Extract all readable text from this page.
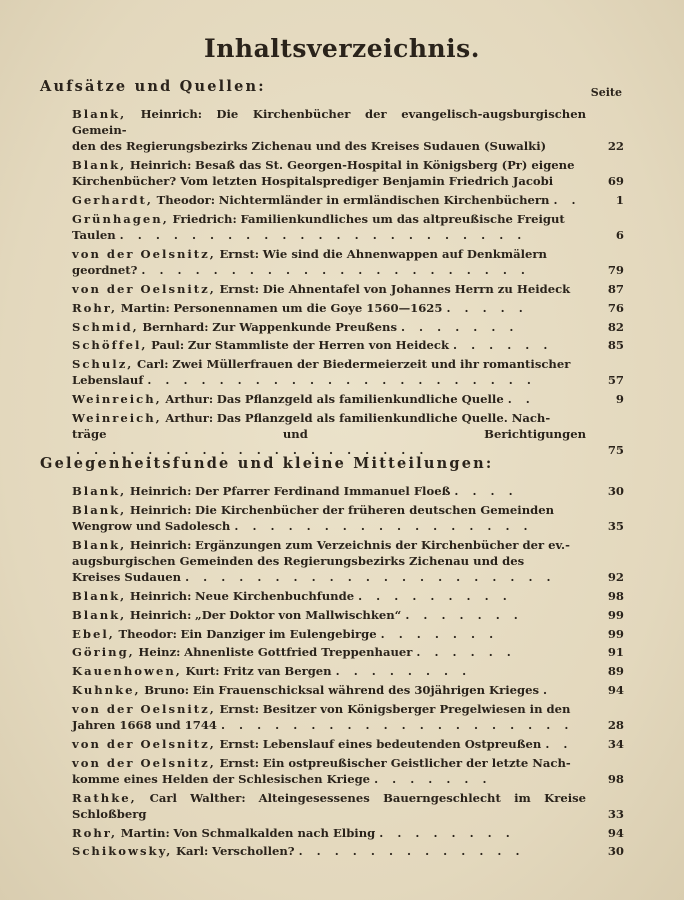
Inhaltsverzeichnis.
Aufsätze und Quellen:	Seite
Blank, Heinrich: Die Kirchenbücher der evangelisch-augsburgischen Gemein-
den des Regierungsbezirks Zichenau und des Kreises Sudauen (Suwalki)	22
Blank, Heinrich: Besaß das St. Georgen-Hospital in Königsberg (Pr) eigene
Kirchenbücher? Vom letzten Hospitalsprediger Benjamin Friedrich Jacobi	69
Gerhardt, Theodor: Nichtermländer in ermländischen Kirchenbüchern . .	1
Grünhagen, Friedrich: Familienkundliches um das altpreußische Freigut
Taulen . . . . . . . . . . . . . . . . . . . . . . .	6
von der Oelsnitz, Ernst: Wie sind die Ahnenwappen auf Denkmälern
geordnet? . . . . . . . . . . . . . . . . . . . . . .	79
von der Oelsnitz, Ernst: Die Ahnentafel von Johannes Herrn zu Heideck	87
Rohr, Martin: Personennamen um die Goye 1560—1625 . . . . .	76
Schmid, Bernhard: Zur Wappenkunde Preußens . . . . . . .	82
Schöffel, Paul: Zur Stammliste der Herren von Heideck . . . . . .	85
Schulz, Carl: Zwei Müllerfrauen der Biedermeierzeit und ihr romantischer
Lebenslauf . . . . . . . . . . . . . . . . . . . . . .	57
Weinreich, Arthur: Das Pflanzgeld als familienkundliche Quelle . .	9
Weinreich, Arthur: Das Pflanzgeld als familienkundliche Quelle. Nach-
träge und Berichtigungen. . . . . . . . . . . . . . . . . . . .	75
Gelegenheitsfunde und kleine Mitteilungen:
Blank, Heinrich: Der Pfarrer Ferdinand Immanuel Floeß . . . .	30
Blank, Heinrich: Die Kirchenbücher der früheren deutschen Gemeinden
Wengrow und Sadolesch . . . . . . . . . . . . . . . . .	35
Blank, Heinrich: Ergänzungen zum Verzeichnis der Kirchenbücher der ev.-
augsburgischen Gemeinden des Regierungsbezirks Zichenau und des
Kreises Sudauen . . . . . . . . . . . . . . . . . . . . .	92
Blank, Heinrich: Neue Kirchenbuchfunde . . . . . . . . .	98
Blank, Heinrich: „Der Doktor von Mallwischken“ . . . . . . .	99
Ebel, Theodor: Ein Danziger im Eulengebirge . . . . . . .	99
Göring, Heinz: Ahnenliste Gottfried Treppenhauer . . . . . .	91
Kauenhowen, Kurt: Fritz van Bergen . . . . . . . .	89
Kuhnke, Bruno: Ein Frauenschicksal während des 30jährigen Krieges .	94
von der Oelsnitz, Ernst: Besitzer von Königsberger Pregelwiesen in den
Jahren 1668 und 1744 . . . . . . . . . . . . . . . . . . . .	28
von der Oelsnitz, Ernst: Lebenslauf eines bedeutenden Ostpreußen . .	34
von der Oelsnitz, Ernst: Ein ostpreußischer Geistlicher der letzte Nach-
komme eines Helden der Schlesischen Kriege . . . . . . .	98
Rathke, Carl Walther: Alteingesessenes Bauerngeschlecht im Kreise Schloßberg	33
Rohr, Martin: Von Schmalkalden nach Elbing . . . . . . . .	94
Schikowsky, Karl: Verschollen? . . . . . . . . . . . . .	30
